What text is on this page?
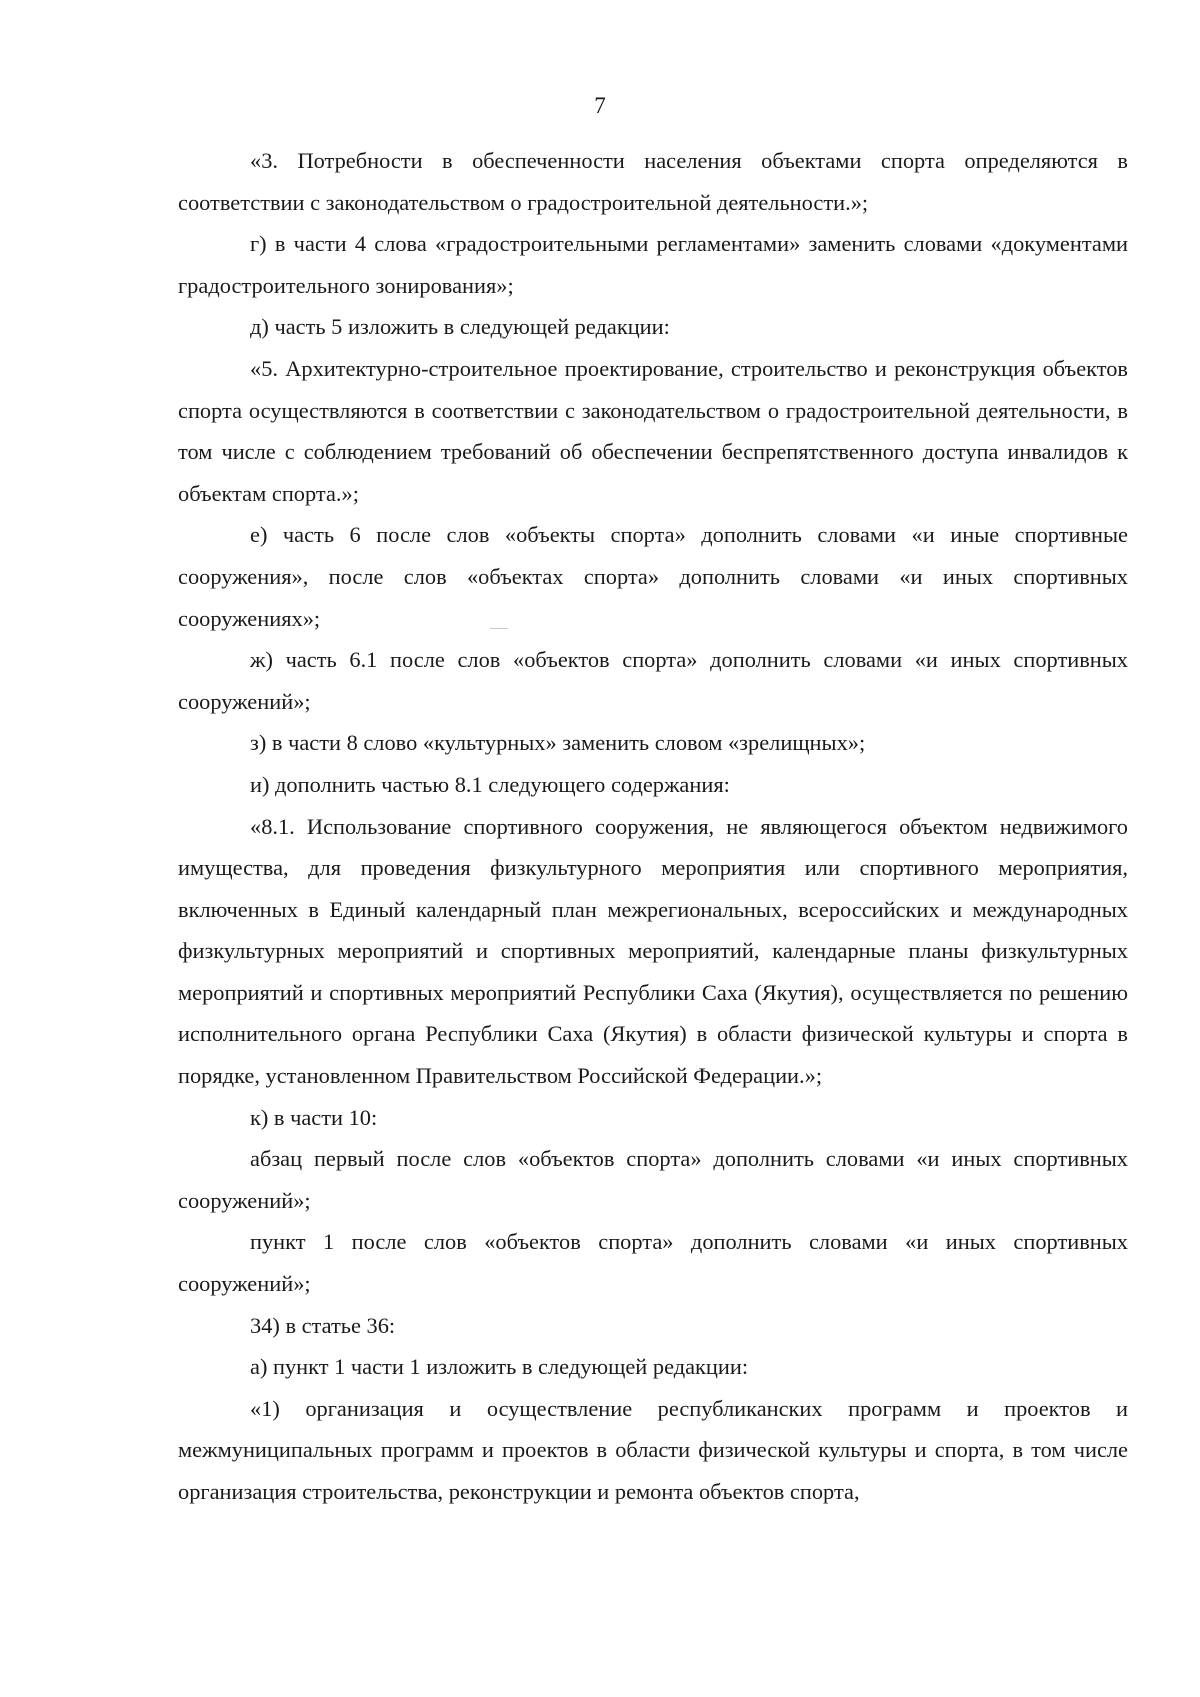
7

«3. Потребности в обеспеченности населения объектами спорта определяются в соответствии с законодательством о градостроительной деятельности.»;

г) в части 4 слова «градостроительными регламентами» заменить словами «документами градостроительного зонирования»;

д) часть 5 изложить в следующей редакции:

«5. Архитектурно-строительное проектирование, строительство и реконструкция объектов спорта осуществляются в соответствии с законодательством о градостроительной деятельности, в том числе с соблюдением требований об обеспечении беспрепятственного доступа инвалидов к объектам спорта.»;

е) часть 6 после слов «объекты спорта» дополнить словами «и иные спортивные сооружения», после слов «объектах спорта» дополнить словами «и иных спортивных сооружениях»;

ж) часть 6.1 после слов «объектов спорта» дополнить словами «и иных спортивных сооружений»;

з) в части 8 слово «культурных» заменить словом «зрелищных»;

и) дополнить частью 8.1 следующего содержания:

«8.1. Использование спортивного сооружения, не являющегося объектом недвижимого имущества, для проведения физкультурного мероприятия или спортивного мероприятия, включенных в Единый календарный план межрегиональных, всероссийских и международных физкультурных мероприятий и спортивных мероприятий, календарные планы физкультурных мероприятий и спортивных мероприятий Республики Саха (Якутия), осуществляется по решению исполнительного органа Республики Саха (Якутия) в области физической культуры и спорта в порядке, установленном Правительством Российской Федерации.»;

к) в части 10:

абзац первый после слов «объектов спорта» дополнить словами «и иных спортивных сооружений»;

пункт 1 после слов «объектов спорта» дополнить словами «и иных спортивных сооружений»;

34) в статье 36:

а) пункт 1 части 1 изложить в следующей редакции:

«1) организация и осуществление республиканских программ и проектов и межмуниципальных программ и проектов в области физической культуры и спорта, в том числе организация строительства, реконструкции и ремонта объектов спорта,
